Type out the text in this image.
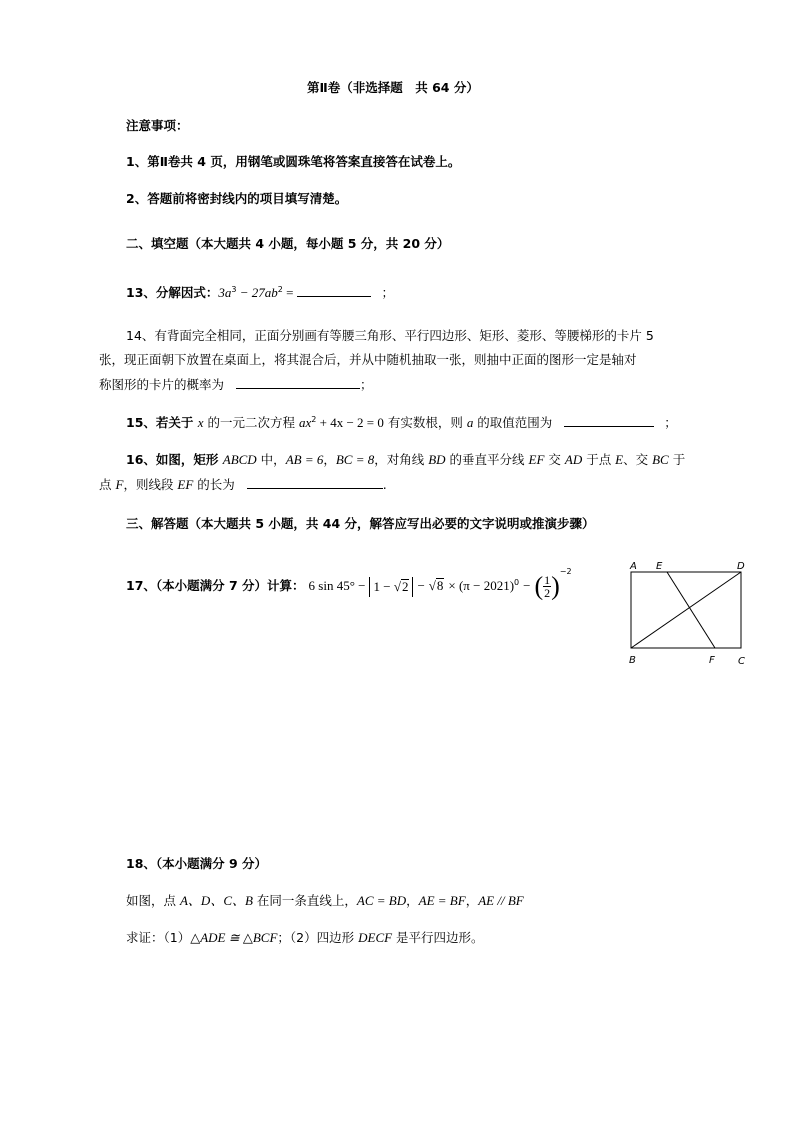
第Ⅱ卷（非选择题　共 64 分）
注意事项：
1、第Ⅱ卷共 4 页，用钢笔或圆珠笔将答案直接答在试卷上。
2、答题前将密封线内的项目填写清楚。
二、填空题（本大题共 4 小题，每小题 5 分，共 20 分）
13、分解因式：$3a^3 - 27ab^2$ =	；
14、有背面完全相同，正面分别画有等腰三角形、平行四边形、矩形、菱形、等腰梯形的卡片 5
张，现正面朝下放置在桌面上，将其混合后，并从中随机抽取一张，则抽中正面的图形一定是轴对
称图形的卡片的概率为	；
15、若关于 x 的一元二次方程 $ax^2 + 4x - 2 = 0$ 有实数根，则 a 的取值范围为	；
16、如图，矩形 ABCD 中，AB = 6，BC = 8，对角线 BD 的垂直平分线 EF 交 AD 于点 E、交 BC 于
点 F，则线段 EF 的长为	.
三、解答题（本大题共 5 小题，共 44 分，解答应写出必要的文字说明或推演步骤）
17、（本小题满分 7 分）计算： 6 $\sin 45^\circ - 1 - √2 - √8 \times (\pi - 2021)^0$ − ( $\frac{1}{2} )^{-2}$	A E	D
B	F C
18、（本小题满分 9 分）
如图，点 A、D、C、B 在同一条直线上，AC = BD，AE = BF，AE // BF
求证：（1）△ADE ≅ △BCF；（2）四边形 DECF 是平行四边形。
